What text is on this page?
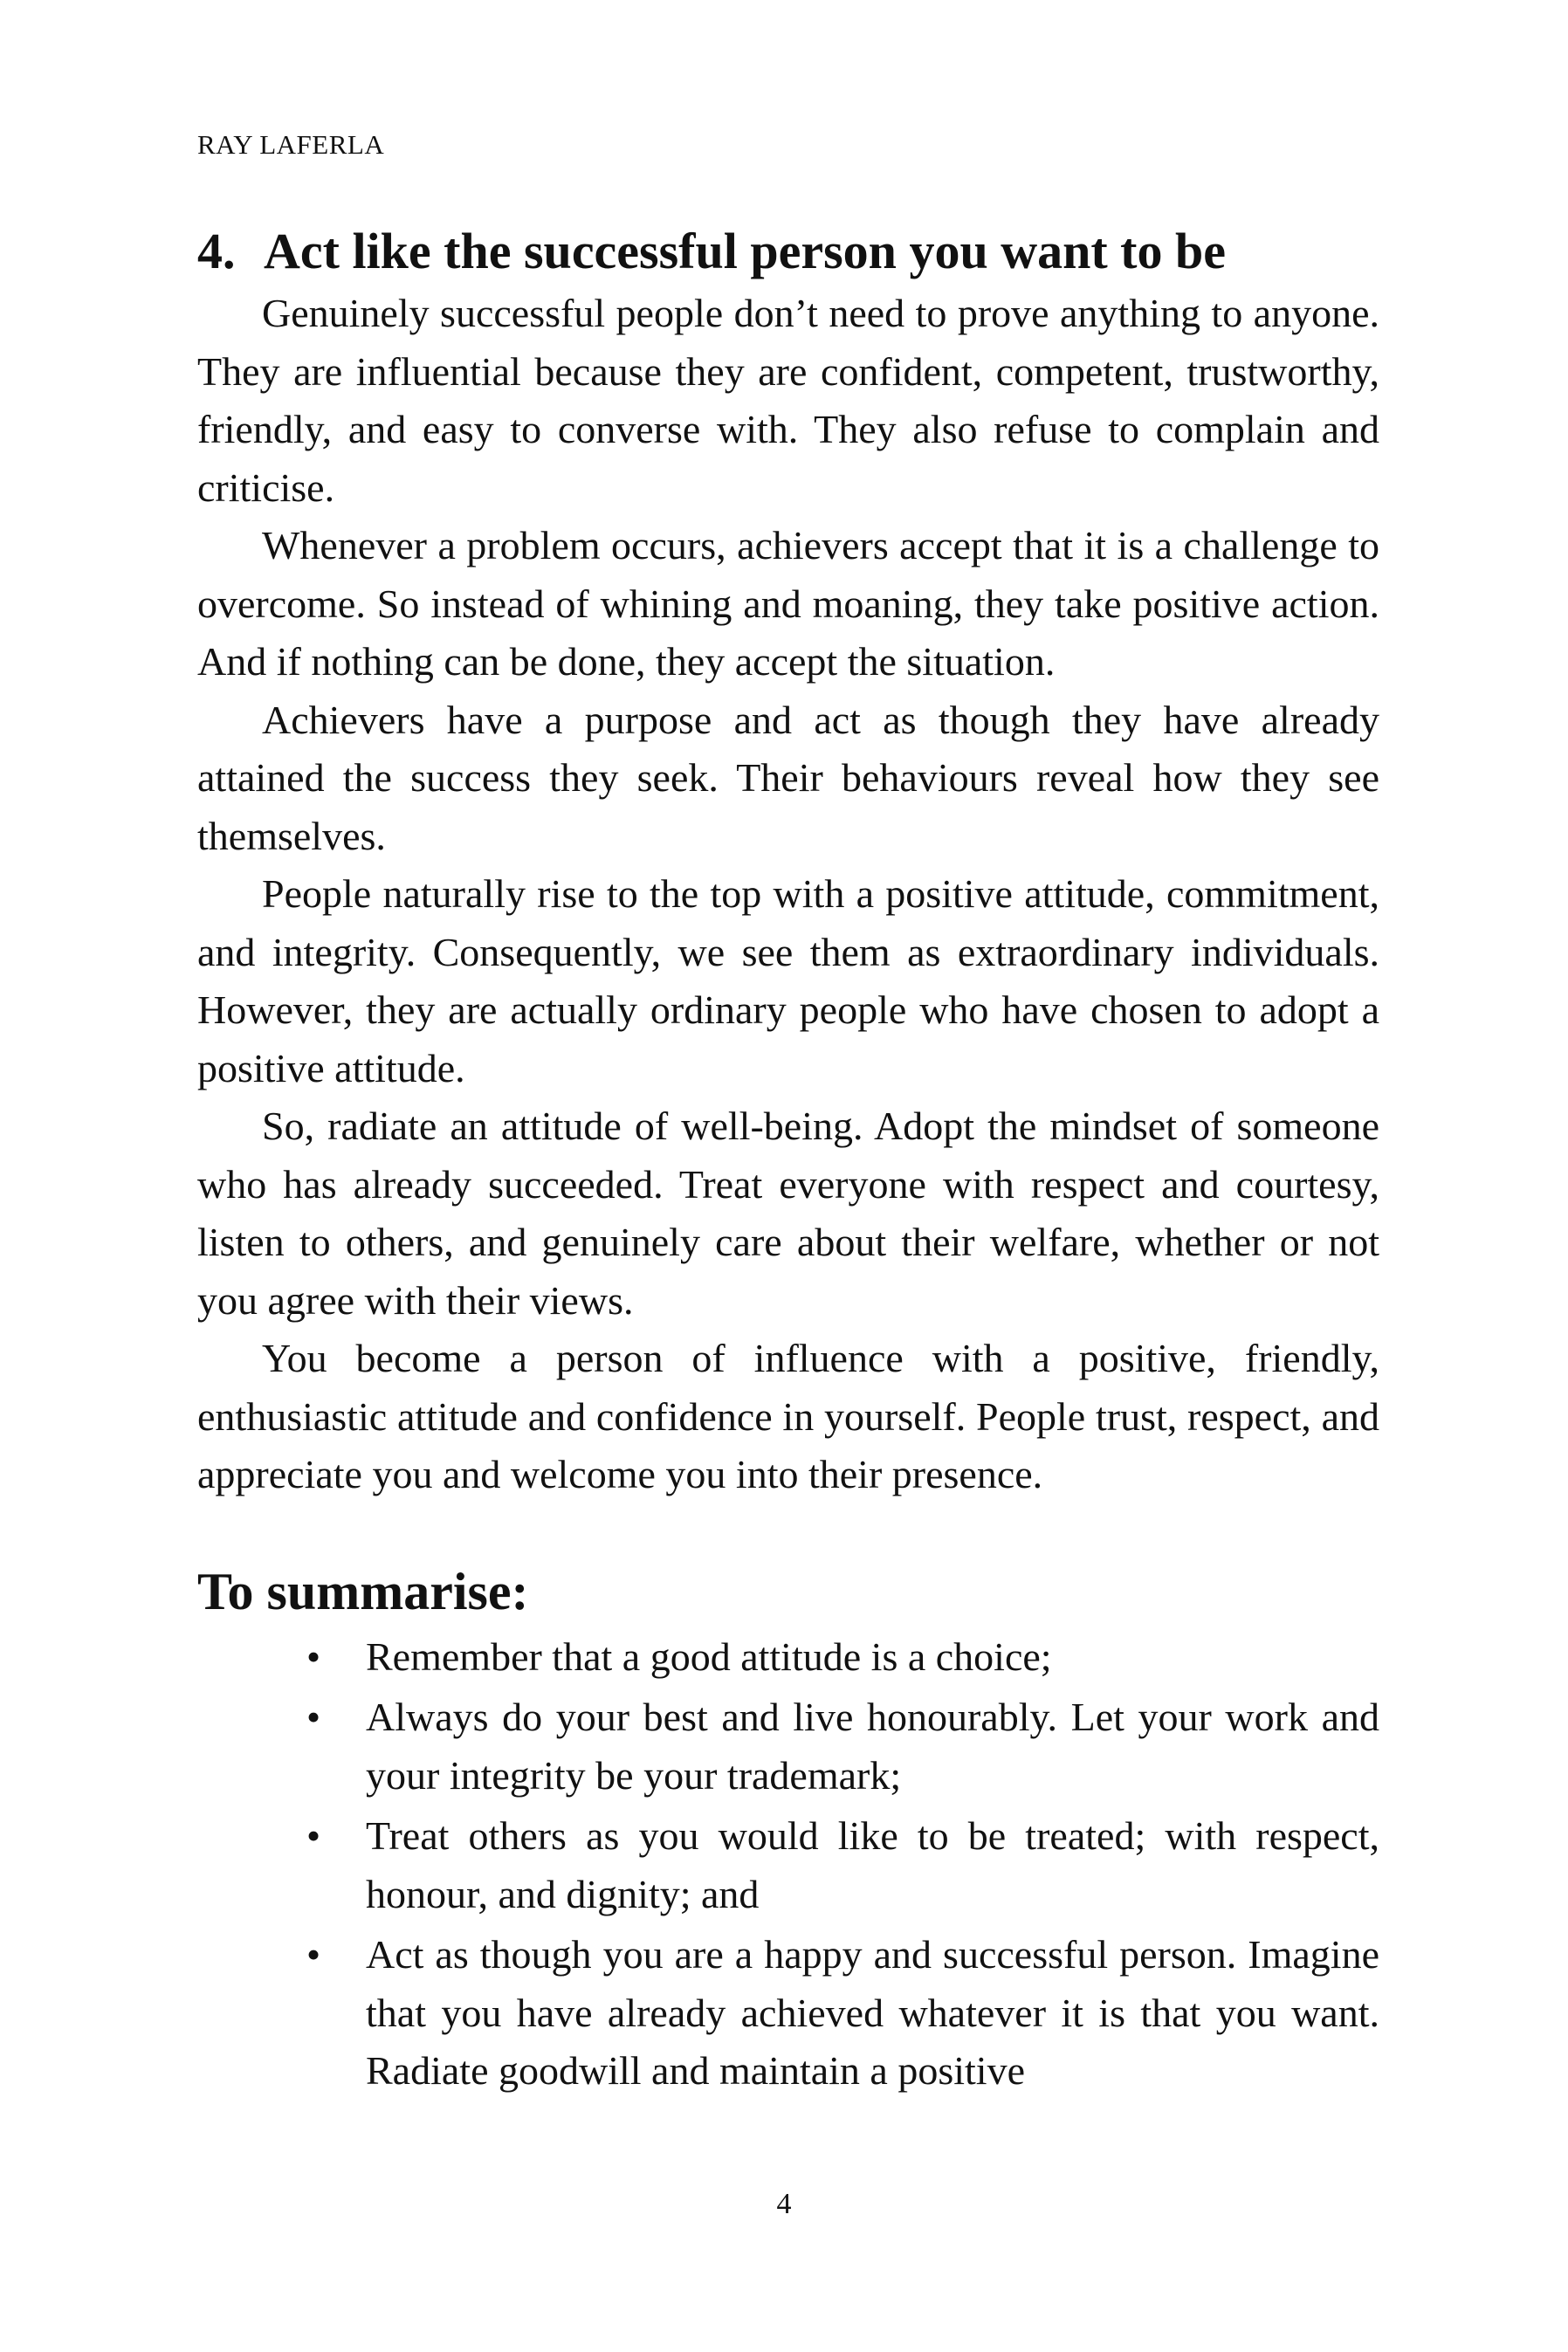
RAY LAFERLA
4. Act like the successful person you want to be

Genuinely successful people don’t need to prove anything to anyone. They are influential because they are confident, competent, trustworthy, friendly, and easy to converse with. They also refuse to complain and criticise.

Whenever a problem occurs, achievers accept that it is a challenge to overcome. So instead of whining and moaning, they take positive action. And if nothing can be done, they accept the situation.

Achievers have a purpose and act as though they have already attained the success they seek. Their behaviours reveal how they see themselves.

People naturally rise to the top with a positive attitude, commitment, and integrity. Consequently, we see them as extraordinary individuals. However, they are actually ordinary people who have chosen to adopt a positive attitude.

So, radiate an attitude of well-being. Adopt the mindset of someone who has already succeeded. Treat everyone with respect and courtesy, listen to others, and genuinely care about their welfare, whether or not you agree with their views.

You become a person of influence with a positive, friendly, enthusiastic attitude and confidence in yourself. People trust, respect, and appreciate you and welcome you into their presence.

To summarise:
• Remember that a good attitude is a choice;
• Always do your best and live honourably. Let your work and your integrity be your trademark;
• Treat others as you would like to be treated; with respect, honour, and dignity; and
• Act as though you are a happy and successful person. Imagine that you have already achieved whatever it is that you want. Radiate goodwill and maintain a positive
4
